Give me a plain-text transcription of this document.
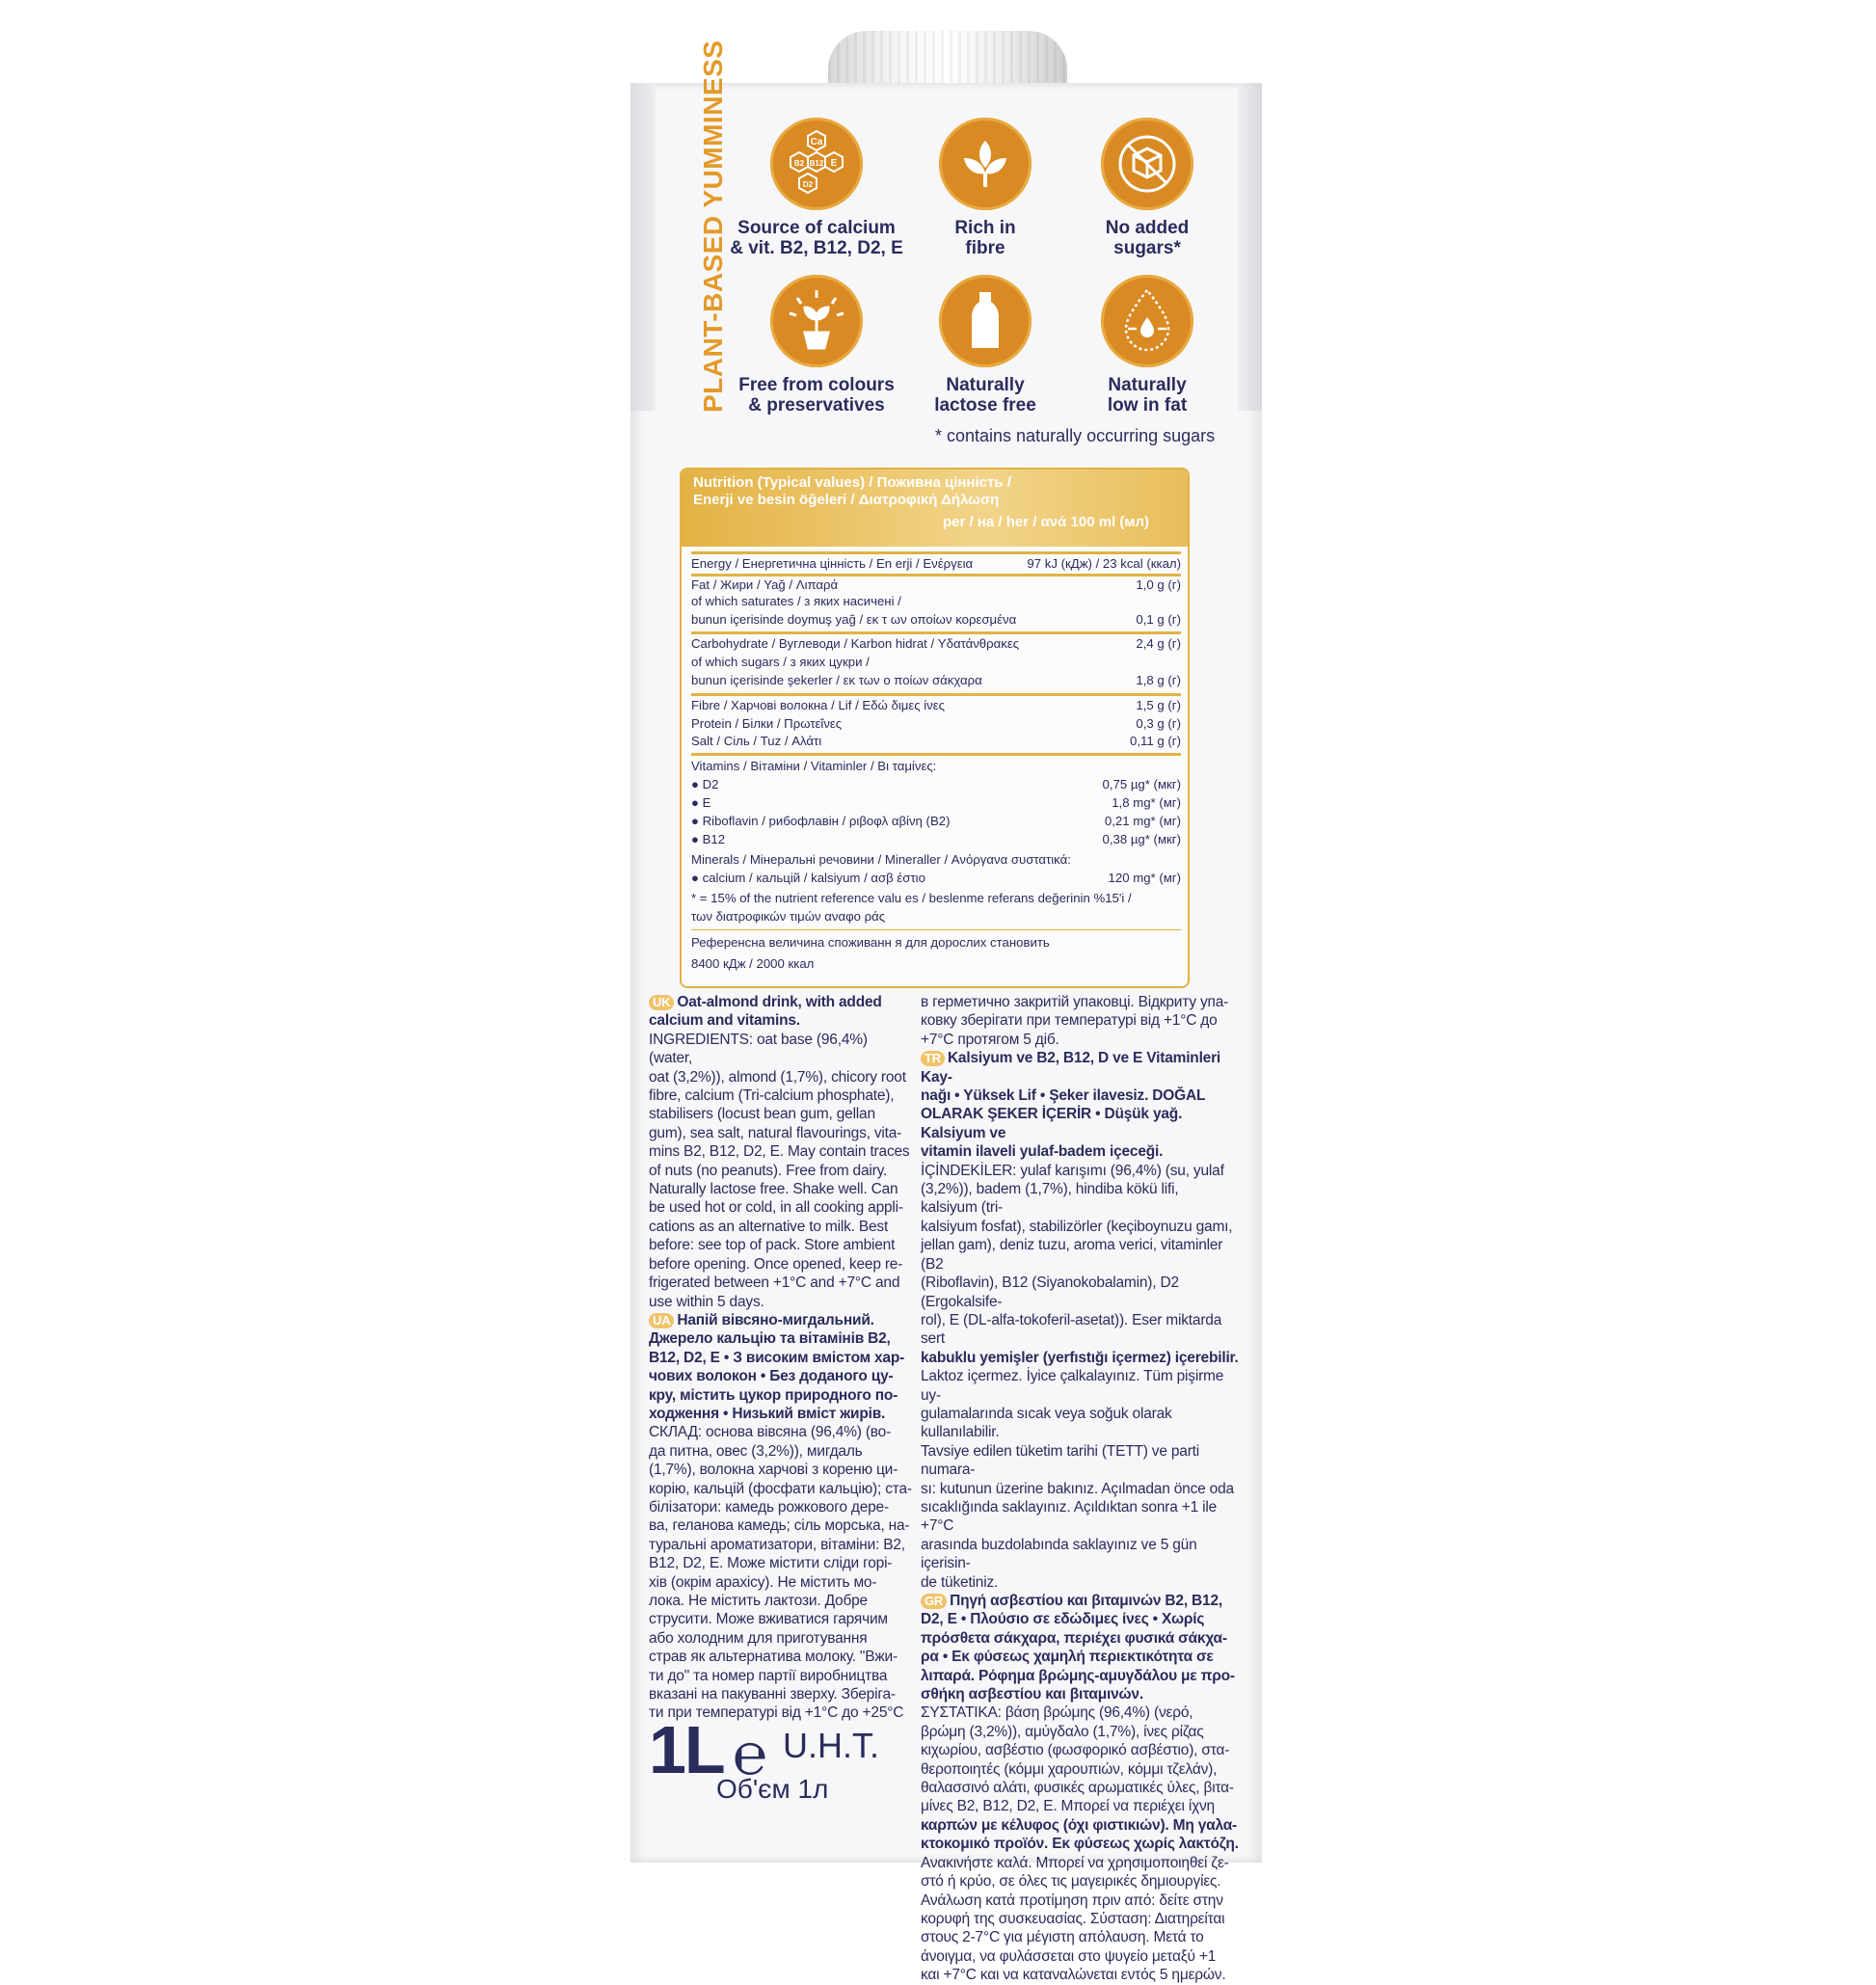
PLANT-BASED YUMMINESS	Ca
B2 B12 E
D2
Source of calcium
& vit. B2, B12, D2, E
Rich in
fibre
No added
sugars*
Free from colours
& preservatives
Naturally
lactose free
Naturally
low in fat
* contains naturally occurring sugars
Nutrition (Typical values) / Поживна цінність /
Enerji ve besin öğeleri / Διατροφική Δήλωση
per / на / her / ανά 100 ml (мл)
Energy / Енергетична цінність / En erji / Ενέργεια	97 kJ (кДж) / 23 kcal (ккал)
Fat / Жири / Yağ / Λιπαρά	1,0 g (г)
of which saturates / з яких насичені /
bunun içerisinde doymuş yağ / εκ τ ων οποίων κορεσμένα	0,1 g (г)
Carbohydrate / Вуглеводи / Karbon hidrat / Υδατάνθρακες	2,4 g (г)
of which sugars / з яких цукри /
bunun içerisinde şekerler / εκ των ο ποίων σάκχαρα	1,8 g (г)
Fibre / Харчові волокна / Lif / Εδώ διμες ίνες	1,5 g (г)
Protein / Білки / Πρωτεΐνες	0,3 g (г)
Salt / Сіль / Tuz / Αλάτι	0,11 g (г)
Vitamins / Вітаміни / Vitaminler / Βι ταμίνες:
● D2	0,75 µg* (мкг)
● E	1,8 mg* (мг)
● Riboflavin / рибофлавін / ριβοφλ αβίνη (B2)	0,21 mg* (мг)
● B12	0,38 µg* (мкг)
Minerals / Мінеральні речовини / Mineraller / Ανόργανα συστατικά:
● calcium / кальцій / kalsiyum / ασβ έστιο	120 mg* (мг)
* = 15% of the nutrient reference valu es / beslenme referans değerinin %15'i /
των διατροφικών τιμών αναφο ράς
Референсна величина споживанн я для дорослих становить
8400 кДж / 2000 ккал
UK Oat-almond drink, with added calcium and vitamins.
INGREDIENTS: oat base (96,4%) (water,
oat (3,2%)), almond (1,7%), chicory root
fibre, calcium (Tri-calcium phosphate),
stabilisers (locust bean gum, gellan
gum), sea salt, natural flavourings, vita-
mins B2, B12, D2, E. May contain traces
of nuts (no peanuts). Free from dairy.
Naturally lactose free. Shake well. Can
be used hot or cold, in all cooking appli-
cations as an alternative to milk. Best
before: see top of pack. Store ambient
before opening. Once opened, keep re-
frigerated between +1°C and +7°C and
use within 5 days.
UA Напій вівсяно-мигдальний.
Джерело кальцію та вітамінів B2,
B12, D2, E • З високим вмістом хар-
чових волокон • Без доданого цу-
кру, містить цукор природного по-
ходження • Низький вміст жирів.
СКЛАД: основа вівсяна (96,4%) (во-
да питна, овес (3,2%)), мигдаль
(1,7%), волокна харчові з кореню ци-
корію, кальцій (фосфати кальцію); ста-
білізатори: камедь рожкового дере-
ва, геланова камедь; сіль морська, на-
туральні ароматизатори, вітаміни: B2,
B12, D2, E. Може містити сліди горі-
хів (окрім арахісу). Не містить мо-
лока. Не містить лактози. Добре
струсити. Може вживатися гарячим
або холодним для приготування
страв як альтернатива молоку. "Вжи-
ти до" та номер партії виробництва
вказані на пакуванні зверху. Зберіга-
ти при температурі від +1°C до +25°C
в герметично закритій упаковці. Відкриту упа-
ковку зберігати при температурі від +1°C до
+7°C протягом 5 діб.
TR Kalsiyum ve B2, B12, D ve E Vitaminleri Kay-
nağı • Yüksek Lif • Şeker ilavesiz. DOĞAL
OLARAK ŞEKER İÇERİR • Düşük yağ. Kalsiyum ve
vitamin ilaveli yulaf-badem içeceği.
İÇİNDEKİLER: yulaf karışımı (96,4%) (su, yulaf
(3,2%)), badem (1,7%), hindiba kökü lifi, kalsiyum (tri-
kalsiyum fosfat), stabilizörler (keçiboynuzu gamı,
jellan gam), deniz tuzu, aroma verici, vitaminler (B2
(Riboflavin), B12 (Siyanokobalamin), D2 (Ergokalsife-
rol), E (DL-alfa-tokoferil-asetat)). Eser miktarda sert
kabuklu yemişler (yerfıstığı içermez) içerebilir.
Laktoz içermez. İyice çalkalayınız. Tüm pişirme uy-
gulamalarında sıcak veya soğuk olarak kullanılabilir.
Tavsiye edilen tüketim tarihi (TETT) ve parti numara-
sı: kutunun üzerine bakınız. Açılmadan önce oda
sıcaklığında saklayınız. Açıldıktan sonra +1 ile +7°C
arasında buzdolabında saklayınız ve 5 gün içerisin-
de tüketiniz.
GR Πηγή ασβεστίου και βιταμινών B2, B12,
D2, E • Πλούσιο σε εδώδιμες ίνες • Χωρίς
πρόσθετα σάκχαρα, περιέχει φυσικά σάκχα-
ρα • Εκ φύσεως χαμηλή περιεκτικότητα σε
λιπαρά. Ρόφημα βρώμης-αμυγδάλου με προ-
σθήκη ασβεστίου και βιταμινών.
ΣΥΣΤΑΤΙΚΑ: βάση βρώμης (96,4%) (νερό,
βρώμη (3,2%)), αμύγδαλο (1,7%), ίνες ρίζας
κιχωρίου, ασβέστιο (φωσφορικό ασβέστιο), στα-
θεροποιητές (κόμμι χαρουπιών, κόμμι τζελάν),
θαλασσινό αλάτι, φυσικές αρωματικές ύλες, βιτα-
μίνες B2, B12, D2, E. Μπορεί να περιέχει ίχνη
καρπών με κέλυφος (όχι φιστικιών). Μη γαλα-
κτοκομικό προϊόν. Εκ φύσεως χωρίς λακτόζη.
Ανακινήστε καλά. Μπορεί να χρησιμοποιηθεί ζε-
στό ή κρύο, σε όλες τις μαγειρικές δημιουργίες.
Ανάλωση κατά προτίμηση πριν από: δείτε στην
κορυφή της συσκευασίας. Σύσταση: Διατηρείται
στους 2-7°C για μέγιστη απόλαυση. Μετά το
άνοιγμα, να φυλάσσεται στο ψυγείο μεταξύ +1
και +7°C και να καταναλώνεται εντός 5 ημερών.
1L ℮ U.H.T.
Об'єм 1л
